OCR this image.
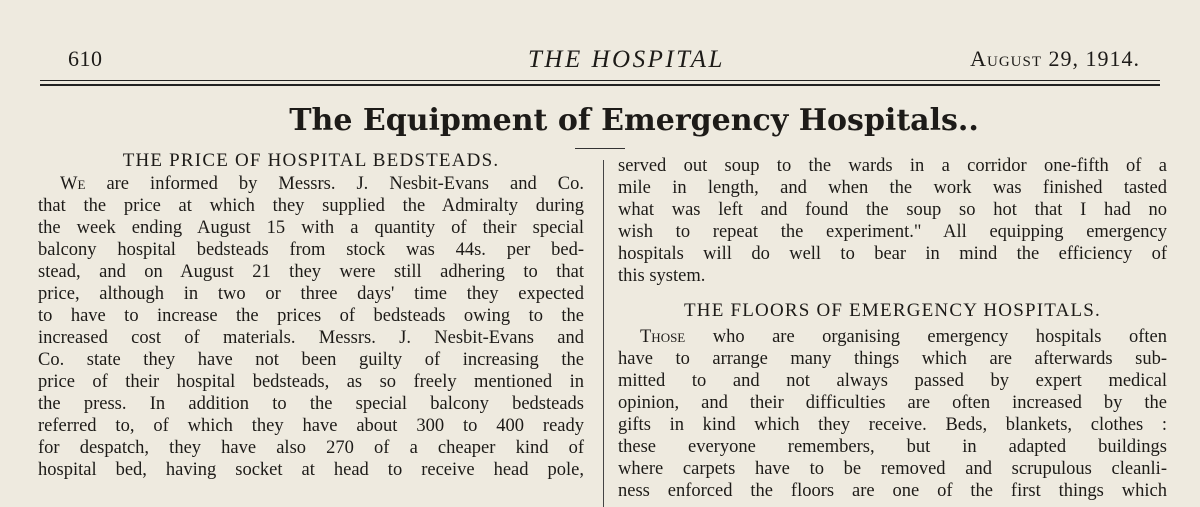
610	THE HOSPITAL	August 29, 1914.
The Equipment of Emergency Hospitals..
THE PRICE OF HOSPITAL BEDSTEADS.
We are informed by Messrs. J. Nesbit-Evans and Co.
that the price at which they supplied the Admiralty during
the week ending August 15 with a quantity of their special
balcony hospital bedsteads from stock was 44s. per bed-
stead, and on August 21 they were still adhering to that
price, although in two or three days' time they expected
to have to increase the prices of bedsteads owing to the
increased cost of materials. Messrs. J. Nesbit-Evans and
Co. state they have not been guilty of increasing the
price of their hospital bedsteads, as so freely mentioned in
the press. In addition to the special balcony bedsteads
referred to, of which they have about 300 to 400 ready
for despatch, they have also 270 of a cheaper kind of
hospital bed, having socket at head to receive head pole,
served out soup to the wards in a corridor one-fifth of a
mile in length, and when the work was finished tasted
what was left and found the soup so hot that I had no
wish to repeat the experiment." All equipping emergency
hospitals will do well to bear in mind the efficiency of
this system.
THE FLOORS OF EMERGENCY HOSPITALS.
Those who are organising emergency hospitals often
have to arrange many things which are afterwards sub-
mitted to and not always passed by expert medical
opinion, and their difficulties are often increased by the
gifts in kind which they receive. Beds, blankets, clothes :
these everyone remembers, but in adapted buildings
where carpets have to be removed and scrupulous cleanli-
ness enforced the floors are one of the first things which
